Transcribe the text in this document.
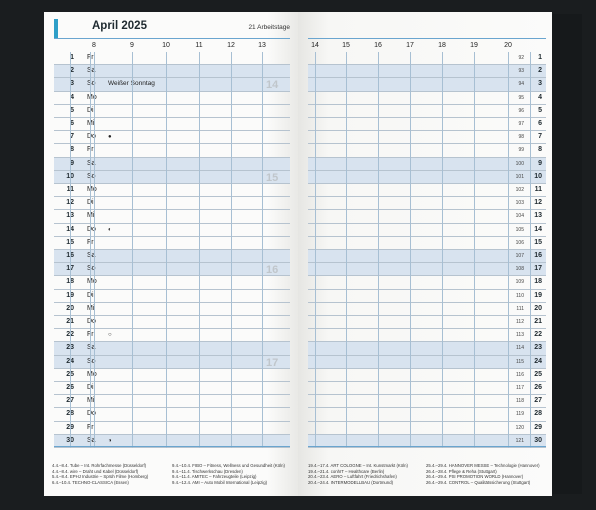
April 2025	21 Arbeitstage
8	9	10	11	12	13
1 Fr
2 Sa
3 So Weißer Sonntag
4 Mo
5 Di
6 Mi
7 Do ●
8 Fr
9 Sa
10 So
11 Mo
12 Di
13 Mi
14 Do ◐
15 Fr
16 Sa
17 So
18 Mo
19 Di
20 Mi
21 Do
22 Fr ○
23 Sa
24 So
25 Mo
26 Di
27 Mi
28 Do
29 Fr
30 Sa ◑
14
15
16
17
4.4.–8.4. Tube – Int. Rohrfachmesse (Düsseldorf)
4.4.–8.4. wire – Draht und Kabel (Düsseldorf)
5.4.–8.4. EPHJ Industrie – Sprüh Filme (Homberg)
6.4.–10.4. TECHNO-CLASSICA (Essen)
9.4.–10.4. FIBO – Fitness, Wellness und Gesundheit (Köln)
9.4.–11.4. Tischwerkschau (Dresden)
9.4.–11.4. AMITEC – Fahrzeugteile (Leipzig)
9.4.–12.4. AMI – Auto Mobil International (Leipzig)
14	15	16	17	18	19	20
92 1
93 2
94 3
95 4
96 5
97 6
98 7
99 8
100 9
101 10
102 11
103 12
104 13
105 14
106 15
107 16
108 17
109 18
110 19
111 20
112 21
113 22
114 23
115 24
116 25
117 26
118 27
119 28
120 29
121 30
19.4.–17.4. ART COLOGNE – Int. Kunstmarkt (Köln)
19.4.–21.4. conhIT – Healthcare (Berlin)
20.4.–23.4. AERO – Luftfahrt (Friedrichshafen)
20.4.–24.4. INTERMODELLBAU (Dortmund)
25.4.–29.4. HANNOVER MESSE – Technologie (Hannover)
26.4.–28.4. Pflege & Reha (Stuttgart)
26.4.–29.4. PSI PROMOTION WORLD (Hannover)
26.4.–29.4. CONTROL – Qualitätssicherung (Stuttgart)
